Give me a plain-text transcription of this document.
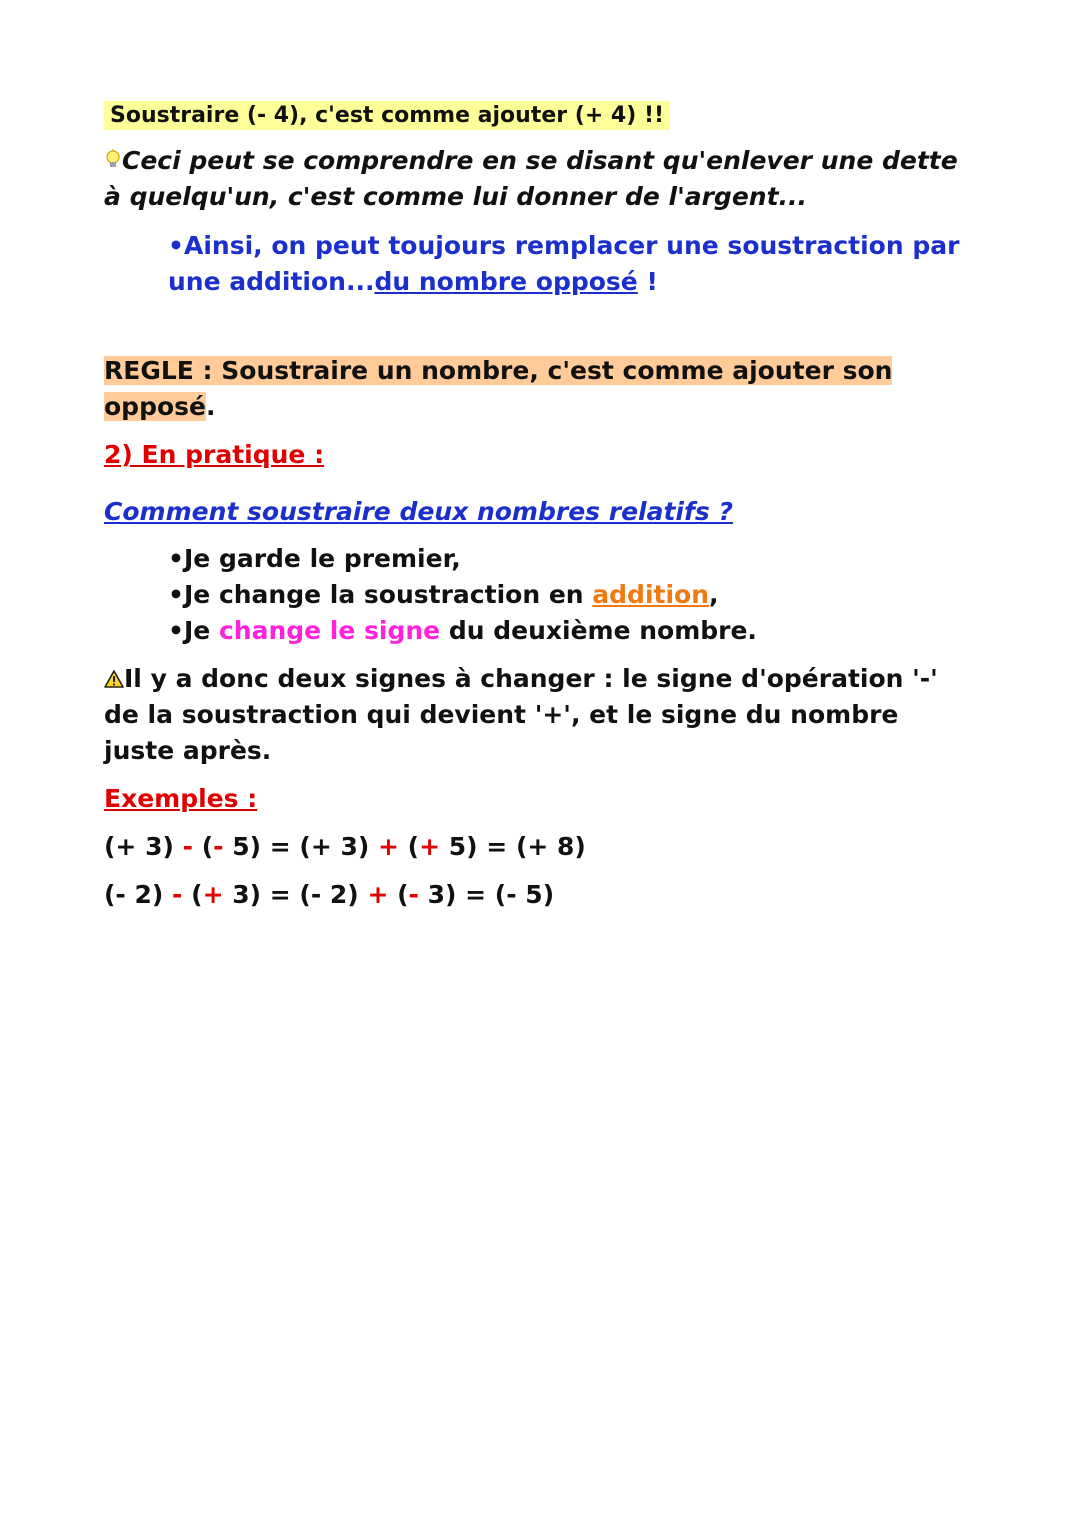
Soustraire (- 4), c'est comme ajouter (+ 4) !!
Ceci peut se comprendre en se disant qu'enlever une dette
à quelqu'un, c'est comme lui donner de l'argent...
•Ainsi, on peut toujours remplacer une soustraction par
une addition...du nombre opposé !
REGLE : Soustraire un nombre, c'est comme ajouter son
opposé.
2) En pratique :
Comment soustraire deux nombres relatifs ?
•Je garde le premier,
•Je change la soustraction en addition,
•Je change le signe du deuxième nombre.
Il y a donc deux signes à changer : le signe d'opération '-'
de la soustraction qui devient '+', et le signe du nombre
juste après.
Exemples :
(+ 3) - (- 5) = (+ 3) + (+ 5) = (+ 8)
(- 2) - (+ 3) = (- 2) + (- 3) = (- 5)
